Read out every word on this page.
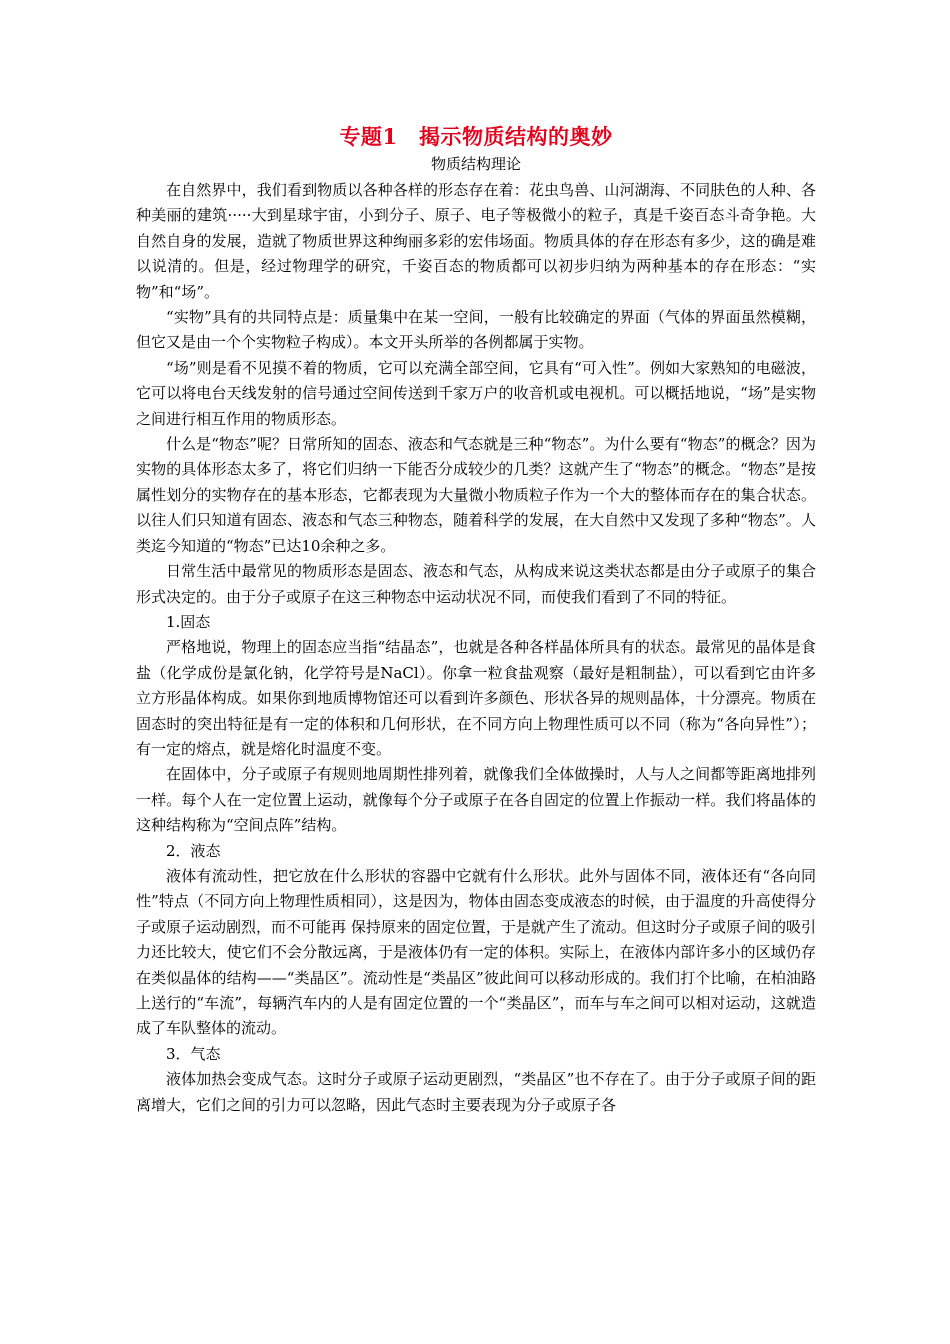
专题1　揭示物质结构的奥妙
物质结构理论

在自然界中，我们看到物质以各种各样的形态存在着：花虫鸟兽、山河湖海、不同肤色的人种、各种美丽的建筑·····大到星球宇宙，小到分子、原子、电子等极微小的粒子，真是千姿百态斗奇争艳。大自然自身的发展，造就了物质世界这种绚丽多彩的宏伟场面。物质具体的存在形态有多少，这的确是难以说清的。但是，经过物理学的研究，千姿百态的物质都可以初步归纳为两种基本的存在形态：“实物”和“场”。

“实物”具有的共同特点是：质量集中在某一空间，一般有比较确定的界面（气体的界面虽然模糊，但它又是由一个个实物粒子构成）。本文开头所举的各例都属于实物。

“场”则是看不见摸不着的物质，它可以充满全部空间，它具有“可入性”。例如大家熟知的电磁波，它可以将电台天线发射的信号通过空间传送到千家万户的收音机或电视机。可以概括地说，“场”是实物之间进行相互作用的物质形态。

什么是“物态”呢？日常所知的固态、液态和气态就是三种“物态”。为什么要有“物态”的概念？因为实物的具体形态太多了，将它们归纳一下能否分成较少的几类？这就产生了“物态”的概念。“物态”是按属性划分的实物存在的基本形态，它都表现为大量微小物质粒子作为一个大的整体而存在的集合状态。以往人们只知道有固态、液态和气态三种物态，随着科学的发展，在大自然中又发现了多种“物态”。人类迄今知道的“物态”已达10余种之多。

日常生活中最常见的物质形态是固态、液态和气态，从构成来说这类状态都是由分子或原子的集合形式决定的。由于分子或原子在这三种物态中运动状况不同，而使我们看到了不同的特征。

1.固态

严格地说，物理上的固态应当指“结晶态”，也就是各种各样晶体所具有的状态。最常见的晶体是食盐（化学成份是氯化钠，化学符号是NaCl）。你拿一粒食盐观察（最好是粗制盐），可以看到它由许多立方形晶体构成。如果你到地质博物馆还可以看到许多颜色、形状各异的规则晶体，十分漂亮。物质在固态时的突出特征是有一定的体积和几何形状，在不同方向上物理性质可以不同（称为“各向异性”）；有一定的熔点，就是熔化时温度不变。

在固体中，分子或原子有规则地周期性排列着，就像我们全体做操时，人与人之间都等距离地排列一样。每个人在一定位置上运动，就像每个分子或原子在各自固定的位置上作振动一样。我们将晶体的这种结构称为“空间点阵”结构。

2．液态

液体有流动性，把它放在什么形状的容器中它就有什么形状。此外与固体不同，液体还有“各向同性”特点（不同方向上物理性质相同），这是因为，物体由固态变成液态的时候，由于温度的升高使得分子或原子运动剧烈，而不可能再 保持原来的固定位置，于是就产生了流动。但这时分子或原子间的吸引力还比较大，使它们不会分散远离，于是液体仍有一定的体积。实际上，在液体内部许多小的区域仍存在类似晶体的结构——“类晶区”。流动性是“类晶区”彼此间可以移动形成的。我们打个比喻，在柏油路上送行的“车流”，每辆汽车内的人是有固定位置的一个“类晶区”，而车与车之间可以相对运动，这就造成了车队整体的流动。

3．气态

液体加热会变成气态。这时分子或原子运动更剧烈，“类晶区”也不存在了。由于分子或原子间的距离增大，它们之间的引力可以忽略，因此气态时主要表现为分子或原子各
